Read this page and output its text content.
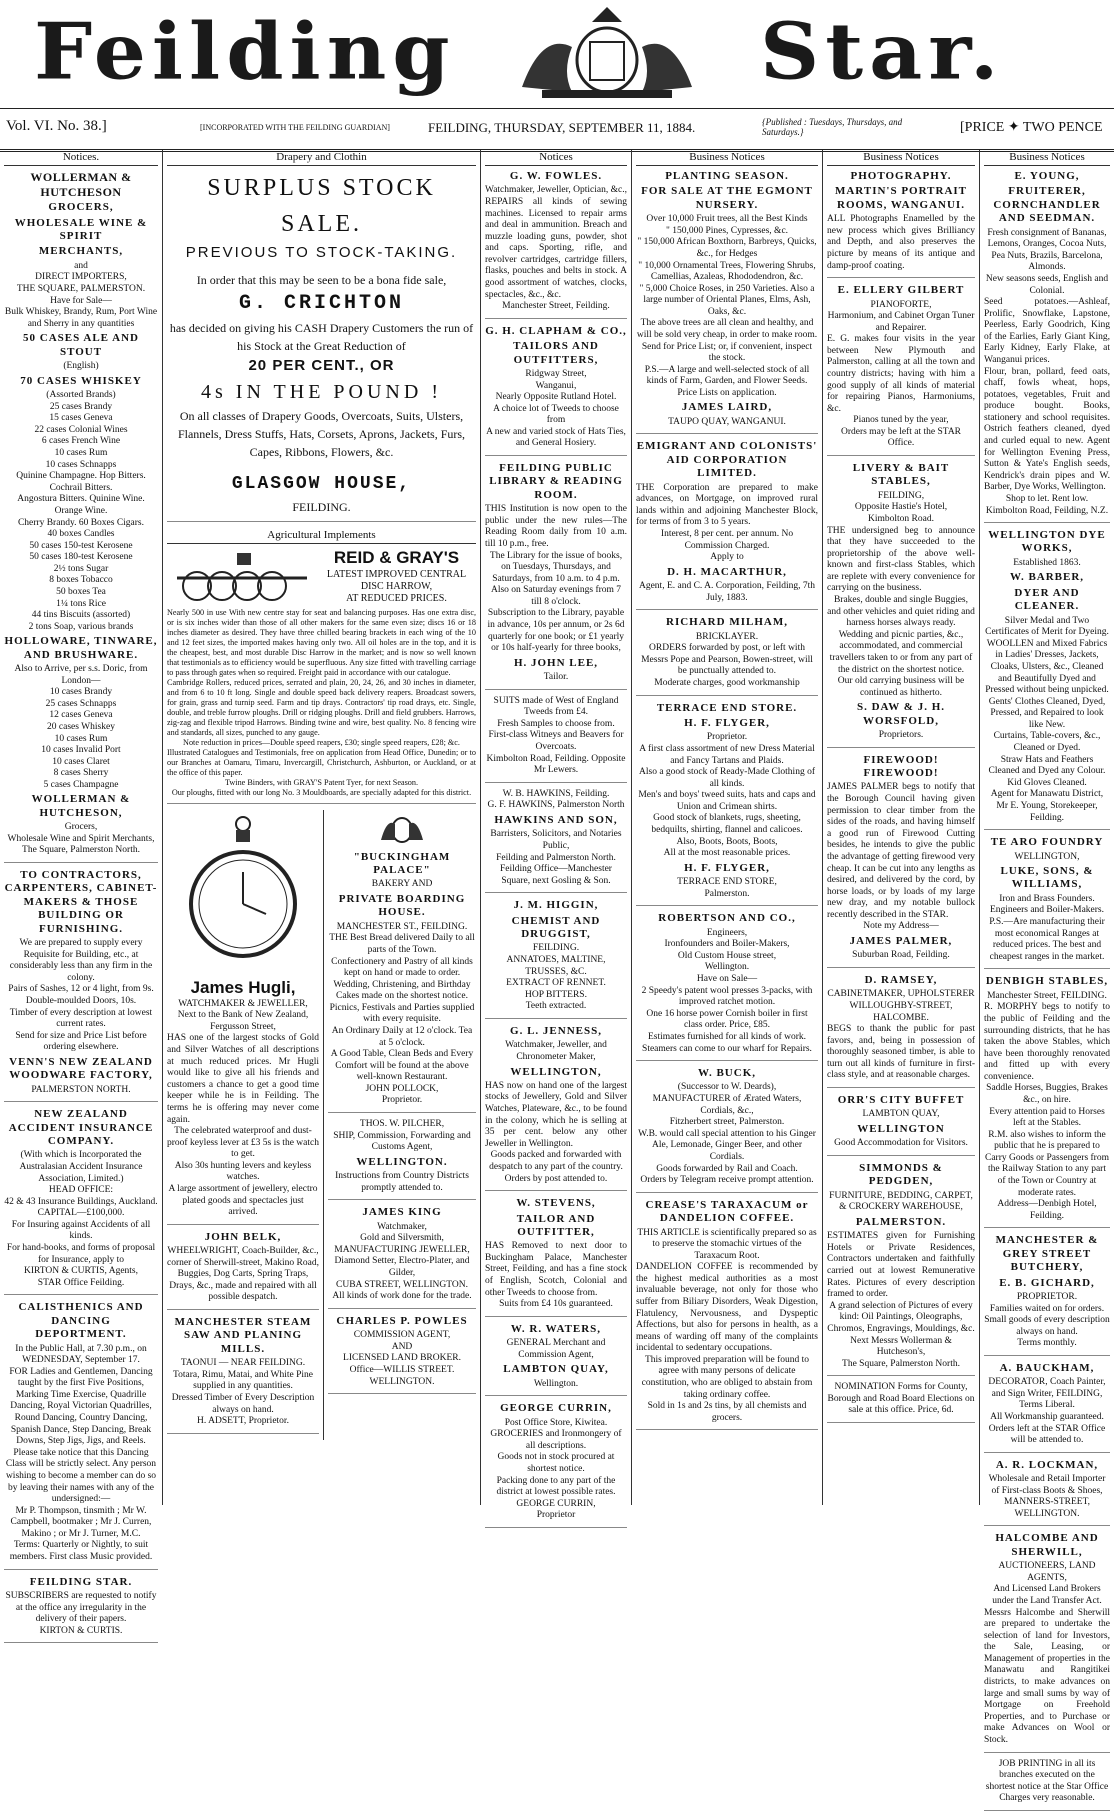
Feilding	Star.
Vol. VI. No. 38.]	[INCORPORATED WITH THE FEILDING GUARDIAN]	FEILDING, THURSDAY, SEPTEMBER 11, 1884.	{Published : Tuesdays, Thursdays, and Saturdays.}	[PRICE ✦ TWO PENCE
Notices.
WOLLERMAN & HUTCHESON
GROCERS,
WHOLESALE WINE & SPIRIT
MERCHANTS,
and
DIRECT IMPORTERS,
THE SQUARE, PALMERSTON.
Have for Sale—
Bulk Whiskey, Brandy, Rum, Port Wine and Sherry in any quantities
50 CASES ALE AND STOUT
(English)
70 CASES WHISKEY
(Assorted Brands)
25 cases Brandy
15 cases Geneva
22 cases Colonial Wines
6 cases French Wine
10 cases Rum
10 cases Schnapps
Quinine Champagne. Hop Bitters. Cochrail Bitters.
Angostura Bitters. Quinine Wine. Orange Wine.
Cherry Brandy. 60 Boxes Cigars.
40 boxes Candles
50 cases 150-test Kerosene
50 cases 180-test Kerosene
2½ tons Sugar
8 boxes Tobacco
50 boxes Tea
1¼ tons Rice
44 tins Biscuits (assorted)
2 tons Soap, various brands
HOLLOWARE, TINWARE, AND BRUSHWARE.
Also to Arrive, per s.s. Doric, from London—
10 cases Brandy
25 cases Schnapps
12 cases Geneva
20 cases Whiskey
10 cases Rum
10 cases Invalid Port
10 cases Claret
8 cases Sherry
5 cases Champagne
WOLLERMAN & HUTCHESON,
Grocers,
Wholesale Wine and Spirit Merchants,
The Square, Palmerston North.
TO CONTRACTORS, CARPENTERS, CABINET-MAKERS & THOSE BUILDING OR FURNISHING.
We are prepared to supply every Requisite for Building, etc., at considerably less than any firm in the colony.
Pairs of Sashes, 12 or 4 light, from 9s.
Double-moulded Doors, 10s.
Timber of every description at lowest current rates.
Send for size and Price List before ordering elsewhere.
VENN'S NEW ZEALAND WOODWARE FACTORY,
PALMERSTON NORTH.
NEW ZEALAND ACCIDENT INSURANCE COMPANY.
(With which is Incorporated the Australasian Accident Insurance Association, Limited.)
HEAD OFFICE:
42 & 43 Insurance Buildings, Auckland.
CAPITAL—£100,000.
For Insuring against Accidents of all kinds.
For hand-books, and forms of proposal for Insurance, apply to
KIRTON & CURTIS, Agents,
STAR Office Feilding.
CALISTHENICS AND DANCING DEPORTMENT.
In the Public Hall, at 7.30 p.m., on WEDNESDAY, September 17.
FOR Ladies and Gentlemen, Dancing taught by the first Five Positions, Marking Time Exercise, Quadrille Dancing, Royal Victorian Quadrilles, Round Dancing, Country Dancing, Spanish Dance, Step Dancing, Break Downs, Step Jigs, Jigs, and Reels.
Please take notice that this Dancing Class will be strictly select. Any person wishing to become a member can do so by leaving their names with any of the undersigned:—
Mr P. Thompson, tinsmith ; Mr W. Campbell, bootmaker ; Mr J. Curren, Makino ; or Mr J. Turner, M.C.
Terms: Quarterly or Nightly, to suit members. First class Music provided.
FEILDING STAR.
SUBSCRIBERS are requested to notify at the office any irregularity in the delivery of their papers.
KIRTON & CURTIS.
Drapery and Clothin
SURPLUS STOCK SALE.
PREVIOUS TO STOCK-TAKING.
In order that this may be seen to be a bona fide sale,
G. CRICHTON
has decided on giving his CASH Drapery Customers the run of his Stock at the Great Reduction of
20 PER CENT., OR
4s IN THE POUND !
On all classes of Drapery Goods, Overcoats, Suits, Ulsters, Flannels, Dress Stuffs, Hats, Corsets, Aprons, Jackets, Furs, Capes, Ribbons, Flowers, &c.
GLASGOW HOUSE,
FEILDING.
Agricultural Implements
REID & GRAY'S
LATEST IMPROVED CENTRAL DISC HARROW,
AT REDUCED PRICES.
Nearly 500 in use With new centre stay for seat and balancing purposes. Has one extra disc, or is six inches wider than those of all other makers for the same even size; discs 16 or 18 inches diameter as desired. They have three chilled bearing brackets in each wing of the 10 and 12 feet sizes, the imported makes having only two. All oil holes are in the top, and it is the cheapest, best, and most durable Disc Harrow in the market; and is now so well known that testimonials as to efficiency would be superfluous. Any size fitted with travelling carriage to pass through gates when so required. Freight paid in accordance with our catalogue.
Cambridge Rollers, reduced prices, serrated and plain, 20, 24, 26, and 30 inches in diameter, and from 6 to 10 ft long. Single and double speed back delivery reapers. Broadcast sowers, for grain, grass and turnip seed. Farm and tip drays. Contractors' tip road drays, etc. Single, double, and treble furrow ploughs. Drill or ridging ploughs. Drill and field grubbers. Harrows, zig-zag and flexible tripod Harrows. Binding twine and wire, best quality. No. 8 fencing wire and standards, all sizes, punched to any gauge.
Note reduction in prices—Double speed reapers, £30; single speed reapers, £28; &c.
Illustrated Catalogues and Testimonials, free on application from Head Office, Dunedin; or to our Branches at Oamaru, Timaru, Invercargill, Christchurch, Ashburton, or Auckland, or at the office of this paper.
Twine Binders, with GRAY'S Patent Tyer, for next Season.
Our ploughs, fitted with our long No. 3 Mouldboards, are specially adapted for this district.
James Hugli,
WATCHMAKER & JEWELLER,
Next to the Bank of New Zealand, Fergusson Street,
HAS one of the largest stocks of Gold and Silver Watches of all descriptions at much reduced prices. Mr Hugli would like to give all his friends and customers a chance to get a good time keeper while he is in Feilding. The terms he is offering may never come again.
The celebrated waterproof and dust-proof keyless lever at £3 5s is the watch to get.
Also 30s hunting levers and keyless watches.
A large assortment of jewellery, electro plated goods and spectacles just arrived.
JOHN BELK,
WHEELWRIGHT, Coach-Builder, &c., corner of Sherwill-street, Makino Road,
Buggies, Dog Carts, Spring Traps, Drays, &c., made and repaired with all possible despatch.
MANCHESTER STEAM SAW AND PLANING MILLS.
TAONUI — NEAR FEILDING.
Totara, Rimu, Matai, and White Pine supplied in any quantities.
Dressed Timber of Every Description always on hand.
H. ADSETT, Proprietor.
"BUCKINGHAM PALACE"
BAKERY AND
PRIVATE BOARDING HOUSE.
MANCHESTER ST., FEILDING.
THE Best Bread delivered Daily to all parts of the Town.
Confectionery and Pastry of all kinds kept on hand or made to order.
Wedding, Christening, and Birthday Cakes made on the shortest notice.
Picnics, Festivals and Parties supplied with every requisite.
An Ordinary Daily at 12 o'clock. Tea at 5 o'clock.
A Good Table, Clean Beds and Every Comfort will be found at the above well-known Restaurant.
JOHN POLLOCK,
Proprietor.
THOS. W. PILCHER,
SHIP, Commission, Forwarding and Customs Agent,
WELLINGTON.
Instructions from Country Districts promptly attended to.
JAMES KING
Watchmaker,
Gold and Silversmith,
MANUFACTURING JEWELLER,
Diamond Setter, Electro-Plater, and Gilder,
CUBA STREET, WELLINGTON.
All kinds of work done for the trade.
CHARLES P. POWLES
COMMISSION AGENT,
AND
LICENSED LAND BROKER.
Office—WILLIS STREET.
WELLINGTON.
Notices
G. W. FOWLES.
Watchmaker, Jeweller, Optician, &c.,
REPAIRS all kinds of sewing machines. Licensed to repair arms and deal in ammunition. Breach and muzzle loading guns, powder, shot and caps. Sporting, rifle, and revolver cartridges, cartridge fillers, flasks, pouches and belts in stock. A good assortment of watches, clocks, spectacles, &c., &c.
Manchester Street, Feilding.
G. H. CLAPHAM & CO.,
TAILORS AND OUTFITTERS,
Ridgway Street,
Wanganui,
Nearly Opposite Rutland Hotel.
A choice lot of Tweeds to choose from
A new and varied stock of Hats Ties, and General Hosiery.
FEILDING PUBLIC LIBRARY & READING ROOM.
THIS Institution is now open to the public under the new rules—The Reading Room daily from 10 a.m. till 10 p.m., free.
The Library for the issue of books, on Tuesdays, Thursdays, and Saturdays, from 10 a.m. to 4 p.m.
Also on Saturday evenings from 7 till 8 o'clock.
Subscription to the Library, payable in advance, 10s per annum, or 2s 6d quarterly for one book; or £1 yearly or 10s half-yearly for three books,
H. JOHN LEE,
Tailor.
SUITS made of West of England Tweeds from £4.
Fresh Samples to choose from.
First-class Witneys and Beavers for Overcoats.
Kimbolton Road, Feilding. Opposite Mr Lewers.
W. B. HAWKINS, Feilding.
G. F. HAWKINS, Palmerston North
HAWKINS AND SON,
Barristers, Solicitors, and Notaries Public,
Feilding and Palmerston North.
Feilding Office—Manchester Square, next Gosling & Son.
J. M. HIGGIN,
CHEMIST AND DRUGGIST,
FEILDING.
ANNATOES, MALTINE, TRUSSES, &C.
EXTRACT OF RENNET.
HOP BITTERS.
Teeth extracted.
G. L. JENNESS,
Watchmaker, Jeweller, and Chronometer Maker,
WELLINGTON,
HAS now on hand one of the largest stocks of Jewellery, Gold and Silver Watches, Plateware, &c., to be found in the colony, which he is selling at 35 per cent. below any other Jeweller in Wellington.
Goods packed and forwarded with despatch to any part of the country.
Orders by post attended to.
W. STEVENS,
TAILOR AND OUTFITTER,
HAS Removed to next door to Buckingham Palace, Manchester Street, Feilding, and has a fine stock of English, Scotch, Colonial and other Tweeds to choose from.
Suits from £4 10s guaranteed.
W. R. WATERS,
GENERAL Merchant and Commission Agent,
LAMBTON QUAY,
Wellington.
GEORGE CURRIN,
Post Office Store, Kiwitea.
GROCERIES and Ironmongery of all descriptions.
Goods not in stock procured at shortest notice.
Packing done to any part of the district at lowest possible rates.
GEORGE CURRIN,
Proprietor
Business Notices
PLANTING SEASON.
FOR SALE AT THE EGMONT NURSERY.
Over 10,000 Fruit trees, all the Best Kinds
" 150,000 Pines, Cypresses, &c.
" 150,000 African Boxthorn, Barbreys, Quicks, &c., for Hedges
" 10,000 Ornamental Trees, Flowering Shrubs, Camellias, Azaleas, Rhododendron, &c.
" 5,000 Choice Roses, in 250 Varieties. Also a large number of Oriental Planes, Elms, Ash, Oaks, &c.
The above trees are all clean and healthy, and will be sold very cheap, in order to make room.
Send for Price List; or, if convenient, inspect the stock.
P.S.—A large and well-selected stock of all kinds of Farm, Garden, and Flower Seeds. Price Lists on application.
JAMES LAIRD,
TAUPO QUAY, WANGANUI.
EMIGRANT AND COLONISTS' AID CORPORATION LIMITED.
THE Corporation are prepared to make advances, on Mortgage, on improved rural lands within and adjoining Manchester Block, for terms of from 3 to 5 years.
Interest, 8 per cent. per annum. No Commission Charged.
Apply to
D. H. MACARTHUR,
Agent, E. and C. A. Corporation, Feilding, 7th July, 1883.
RICHARD MILHAM,
BRICKLAYER.
ORDERS forwarded by post, or left with Messrs Pope and Pearson, Bowen-street, will be punctually attended to.
Moderate charges, good workmanship
TERRACE END STORE.
H. F. FLYGER,
Proprietor.
A first class assortment of new Dress Material and Fancy Tartans and Plaids.
Also a good stock of Ready-Made Clothing of all kinds.
Men's and boys' tweed suits, hats and caps and Union and Crimean shirts.
Good stock of blankets, rugs, sheeting, bedquilts, shirting, flannel and calicoes.
Also, Boots, Boots, Boots,
All at the most reasonable prices.
H. F. FLYGER,
TERRACE END STORE,
Palmerston.
ROBERTSON AND CO.,
Engineers,
Ironfounders and Boiler-Makers,
Old Custom House street,
Wellington.
Have on Sale—
2 Speedy's patent wool presses 3-packs, with improved ratchet motion.
One 16 horse power Cornish boiler in first class order. Price, £85.
Estimates furnished for all kinds of work.
Steamers can come to our wharf for Repairs.
W. BUCK,
(Successor to W. Deards),
MANUFACTURER of Ærated Waters, Cordials, &c.,
Fitzherbert street, Palmerston.
W.B. would call special attention to his Ginger Ale, Lemonade, Ginger Beer, and other Cordials.
Goods forwarded by Rail and Coach.
Orders by Telegram receive prompt attention.
CREASE'S TARAXACUM or DANDELION COFFEE.
THIS ARTICLE is scientifically prepared so as to preserve the stomachic virtues of the Taraxacum Root.
DANDELION COFFEE is recommended by the highest medical authorities as a most invaluable beverage, not only for those who suffer from Biliary Disorders, Weak Digestion, Flatulency, Nervousness, and Dyspeptic Affections, but also for persons in health, as a means of warding off many of the complaints incidental to sedentary occupations.
This improved preparation will be found to agree with many persons of delicate constitution, who are obliged to abstain from taking ordinary coffee.
Sold in 1s and 2s tins, by all chemists and grocers.
Business Notices
PHOTOGRAPHY.
MARTIN'S PORTRAIT ROOMS, WANGANUI.
ALL Photographs Enamelled by the new process which gives Brilliancy and Depth, and also preserves the picture by means of its antique and damp-proof coating.
E. ELLERY GILBERT
PIANOFORTE,
Harmonium, and Cabinet Organ Tuner and Repairer.
E. G. makes four visits in the year between New Plymouth and Palmerston, calling at all the town and country districts; having with him a good supply of all kinds of material for repairing Pianos, Harmoniums, &c.
Pianos tuned by the year,
Orders may be left at the STAR Office.
LIVERY & BAIT STABLES,
FEILDING,
Opposite Hastie's Hotel,
Kimbolton Road.
THE undersigned beg to announce that they have succeeded to the proprietorship of the above well-known and first-class Stables, which are replete with every convenience for carrying on the business.
Brakes, double and single Buggies, and other vehicles and quiet riding and harness horses always ready.
Wedding and picnic parties, &c., accommodated, and commercial travellers taken to or from any part of the district on the shortest notice.
Our old carrying business will be continued as hitherto.
S. DAW & J. H. WORSFOLD,
Proprietors.
FIREWOOD! FIREWOOD!
JAMES PALMER begs to notify that the Borough Council having given permission to clear timber from the sides of the roads, and having himself a good run of Firewood Cutting besides, he intends to give the public the advantage of getting firewood very cheap. It can be cut into any lengths as desired, and delivered by the cord, by horse loads, or by loads of my large new dray, and my notable bullock recently described in the STAR.
Note my Address—
JAMES PALMER,
Suburban Road, Feilding.
D. RAMSEY,
CABINETMAKER, UPHOLSTERER
WILLOUGHBY-STREET, HALCOMBE.
BEGS to thank the public for past favors, and, being in possession of thoroughly seasoned timber, is able to turn out all kinds of furniture in first-class style, and at reasonable charges.
ORR'S CITY BUFFET
LAMBTON QUAY,
WELLINGTON
Good Accommodation for Visitors.
SIMMONDS & PEDGDEN,
FURNITURE, BEDDING, CARPET, & CROCKERY WAREHOUSE,
PALMERSTON.
ESTIMATES given for Furnishing Hotels or Private Residences, Contractors undertaken and faithfully carried out at lowest Remunerative Rates. Pictures of every description framed to order.
A grand selection of Pictures of every kind: Oil Paintings, Oleographs, Chromos, Engravings, Mouldings, &c.
Next Messrs Wollerman & Hutcheson's,
The Square, Palmerston North.
NOMINATION Forms for County, Borough and Road Board Elections on sale at this office. Price, 6d.
Business Notices
E. YOUNG,
FRUITERER, CORNCHANDLER AND SEEDMAN.
Fresh consignment of Bananas, Lemons, Oranges, Cocoa Nuts, Pea Nuts, Brazils, Barcelona, Almonds.
New seasons seeds, English and Colonial.
Seed potatoes.—Ashleaf, Prolific, Snowflake, Lapstone, Peerless, Early Goodrich, King of the Earlies, Early Giant King, Early Kidney, Early Flake, at Wanganui prices.
Flour, bran, pollard, feed oats, chaff, fowls wheat, hops, potatoes, vegetables, Fruit and produce bought. Books, stationery and school requisites. Ostrich feathers cleaned, dyed and curled equal to new. Agent for Wellington Evening Press, Sutton & Yate's English seeds, Kendrick's drain pipes and W. Barber, Dye Works, Wellington.
Shop to let. Rent low.
Kimbolton Road, Feilding, N.Z.
WELLINGTON DYE WORKS,
Established 1863.
W. BARBER,
DYER AND CLEANER.
Silver Medal and Two Certificates of Merit for Dyeing.
WOOLLEN and Mixed Fabrics in Ladies' Dresses, Jackets, Cloaks, Ulsters, &c., Cleaned and Beautifully Dyed and Pressed without being unpicked.
Gents' Clothes Cleaned, Dyed, Pressed, and Repaired to look like New.
Curtains, Table-covers, &c., Cleaned or Dyed.
Straw Hats and Feathers Cleaned and Dyed any Colour.
Kid Gloves Cleaned.
Agent for Manawatu District,
Mr E. Young, Storekeeper, Feilding.
TE ARO FOUNDRY
WELLINGTON,
LUKE, SONS, & WILLIAMS,
Iron and Brass Founders. Engineers and Boiler-Makers.
P.S.—Are manufacturing their most economical Ranges at reduced prices. The best and cheapest ranges in the market.
DENBIGH STABLES,
Manchester Street, FEILDING.
R. MORPHY begs to notify to the public of Feilding and the surrounding districts, that he has taken the above Stables, which have been thoroughly renovated and fitted up with every convenience.
Saddle Horses, Buggies, Brakes &c., on hire.
Every attention paid to Horses left at the Stables.
R.M. also wishes to inform the public that he is prepared to Carry Goods or Passengers from the Railway Station to any part of the Town or Country at moderate rates.
Address—Denbigh Hotel, Feilding.
MANCHESTER & GREY STREET BUTCHERY,
E. B. GICHARD,
PROPRIETOR.
Families waited on for orders.
Small goods of every description always on hand.
Terms monthly.
A. BAUCKHAM,
DECORATOR, Coach Painter, and Sign Writer, FEILDING,
Terms Liberal.
All Workmanship guaranteed.
Orders left at the STAR Office will be attended to.
A. R. LOCKMAN,
Wholesale and Retail Importer of First-class Boots & Shoes,
MANNERS-STREET, WELLINGTON.
HALCOMBE AND SHERWILL,
AUCTIONEERS, LAND AGENTS,
And Licensed Land Brokers under the Land Transfer Act.
Messrs Halcombe and Sherwill are prepared to undertake the selection of land for Investors, the Sale, Leasing, or Management of properties in the Manawatu and Rangitikei districts, to make advances on large and small sums by way of Mortgage on Freehold Properties, and to Purchase or make Advances on Wool or Stock.
JOB PRINTING in all its branches executed on the shortest notice at the Star Office Charges very reasonable.
